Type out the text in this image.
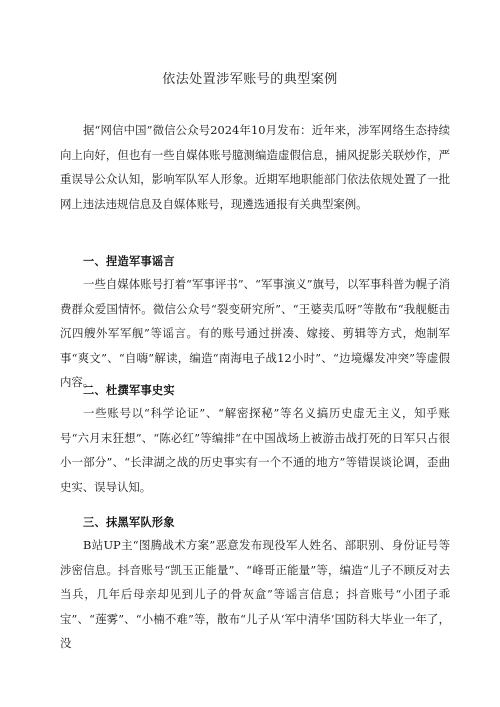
依法处置涉军账号的典型案例

据“网信中国”微信公众号2024年10月发布：近年来，涉军网络生态持续向上向好，但也有一些自媒体账号臆测编造虚假信息，捕风捉影关联炒作，严重误导公众认知，影响军队军人形象。近期军地职能部门依法依规处置了一批网上违法违规信息及自媒体账号，现遴选通报有关典型案例。

一、捏造军事谣言

一些自媒体账号打着“军事评书”、“军事演义”旗号，以军事科普为幌子消费群众爱国情怀。微信公众号“裂变研究所”、“王婆卖瓜呀”等散布“我舰艇击沉四艘外军军舰”等谣言。有的账号通过拼凑、嫁接、剪辑等方式，炮制军事“爽文”、“自嗨”解读，编造“南海电子战12小时”、“边境爆发冲突”等虚假内容。

二、杜撰军事史实

一些账号以“科学论证”、“解密探秘”等名义搞历史虚无主义，知乎账号“六月末狂想”、“陈必红”等编排“在中国战场上被游击战打死的日军只占很小一部分”、“长津湖之战的历史事实有一个不通的地方”等错误谈论调，歪曲史实、误导认知。

三、抹黑军队形象

B站UP主“图腾战术方案”恶意发布现役军人姓名、部职别、身份证号等涉密信息。抖音账号“凯玉正能量”、“峰哥正能量”等，编造“儿子不顾反对去当兵，几年后母亲却见到儿子的骨灰盒”等谣言信息；抖音账号“小团子乖宝”、“莲雾”、“小楠不难”等，散布“儿子从‘军中清华’国防科大毕业一年了，没
